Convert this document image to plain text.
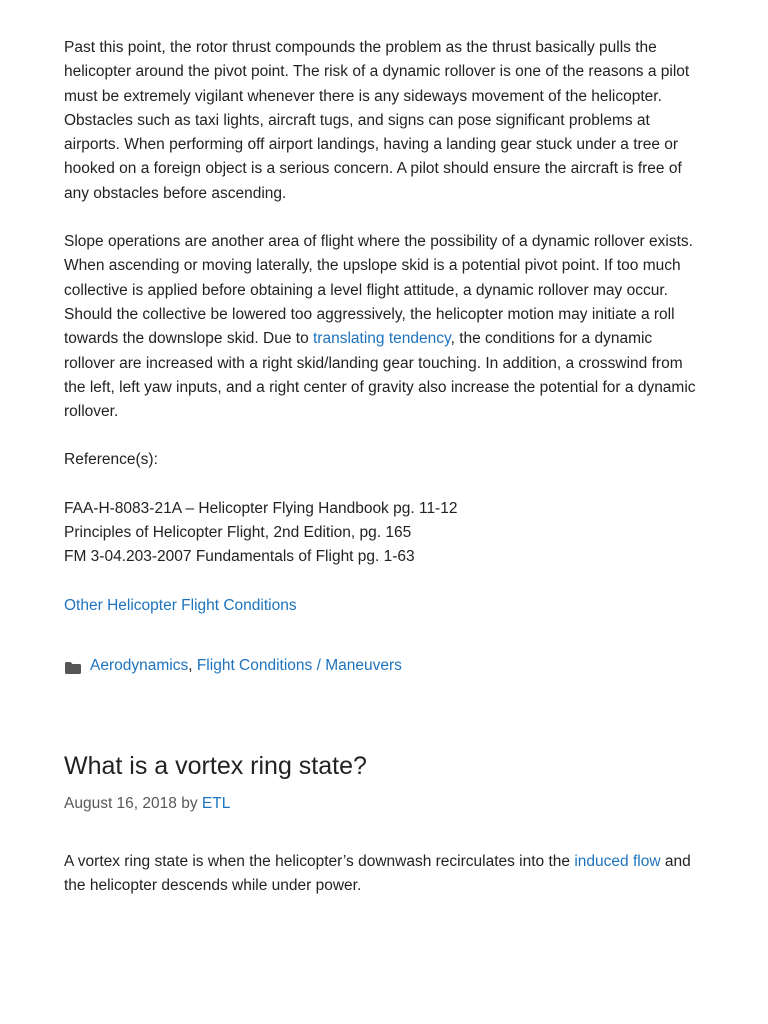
Past this point, the rotor thrust compounds the problem as the thrust basically pulls the helicopter around the pivot point. The risk of a dynamic rollover is one of the reasons a pilot must be extremely vigilant whenever there is any sideways movement of the helicopter. Obstacles such as taxi lights, aircraft tugs, and signs can pose significant problems at airports. When performing off airport landings, having a landing gear stuck under a tree or hooked on a foreign object is a serious concern. A pilot should ensure the aircraft is free of any obstacles before ascending.

Slope operations are another area of flight where the possibility of a dynamic rollover exists. When ascending or moving laterally, the upslope skid is a potential pivot point. If too much collective is applied before obtaining a level flight attitude, a dynamic rollover may occur. Should the collective be lowered too aggressively, the helicopter motion may initiate a roll towards the downslope skid. Due to translating tendency, the conditions for a dynamic rollover are increased with a right skid/landing gear touching. In addition, a crosswind from the left, left yaw inputs, and a right center of gravity also increase the potential for a dynamic rollover.

Reference(s):

FAA-H-8083-21A – Helicopter Flying Handbook pg. 11-12
Principles of Helicopter Flight, 2nd Edition, pg. 165
FM 3-04.203-2007 Fundamentals of Flight pg. 1-63

Other Helicopter Flight Conditions
Aerodynamics , Flight Conditions / Maneuvers
What is a vortex ring state?
August 16, 2018 by ETL

A vortex ring state is when the helicopter’s downwash recirculates into the induced flow and the helicopter descends while under power.
